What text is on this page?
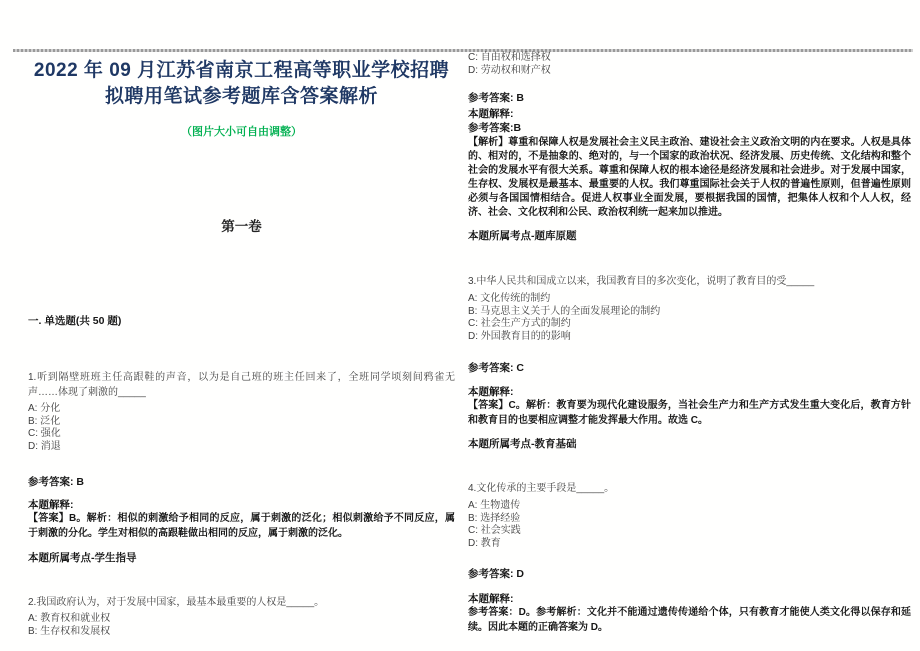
2022 年 09 月江苏省南京工程高等职业学校招聘拟聘用笔试参考题库含答案解析
（图片大小可自由调整）
第一卷
一. 单选题(共 50 题)
1.听到隔壁班班主任高跟鞋的声音，以为是自己班的班主任回来了，全班同学顷刻间鸦雀无声……体现了刺激的_____
A: 分化
B: 泛化
C: 强化
D: 消退
参考答案: B
本题解释:
【答案】B。解析：相似的刺激给予相同的反应，属于刺激的泛化；相似刺激给予不同反应，属于刺激的分化。学生对相似的高跟鞋做出相同的反应，属于刺激的泛化。
本题所属考点-学生指导
2.我国政府认为，对于发展中国家，最基本最重要的人权是_____。
A: 教育权和就业权
B: 生存权和发展权
C: 自由权和选择权
D: 劳动权和财产权
参考答案: B
本题解释:
参考答案:B
【解析】尊重和保障人权是发展社会主义民主政治、建设社会主义政治文明的内在要求。人权是具体的、相对的，不是抽象的、绝对的，与一个国家的政治状况、经济发展、历史传统、文化结构和整个社会的发展水平有很大关系。尊重和保障人权的根本途径是经济发展和社会进步。对于发展中国家，生存权、发展权是最基本、最重要的人权。我们尊重国际社会关于人权的普遍性原则，但普遍性原则必须与各国国情相结合。促进人权事业全面发展，要根据我国的国情，把集体人权和个人人权，经济、社会、文化权利和公民、政治权利统一起来加以推进。
本题所属考点-题库原题
3.中华人民共和国成立以来，我国教育目的多次变化，说明了教育目的受_____
A: 文化传统的制约
B: 马克思主义关于人的全面发展理论的制约
C: 社会生产方式的制约
D: 外国教育目的的影响
参考答案: C
本题解释:
【答案】C。解析：教育要为现代化建设服务，当社会生产力和生产方式发生重大变化后，教育方针和教育目的也要相应调整才能发挥最大作用。故选 C。
本题所属考点-教育基础
4.文化传承的主要手段是_____。
A: 生物遗传
B: 选择经验
C: 社会实践
D: 教育
参考答案: D
本题解释:
参考答案：D。参考解析：文化并不能通过遗传传递给个体，只有教育才能使人类文化得以保存和延续。因此本题的正确答案为 D。
